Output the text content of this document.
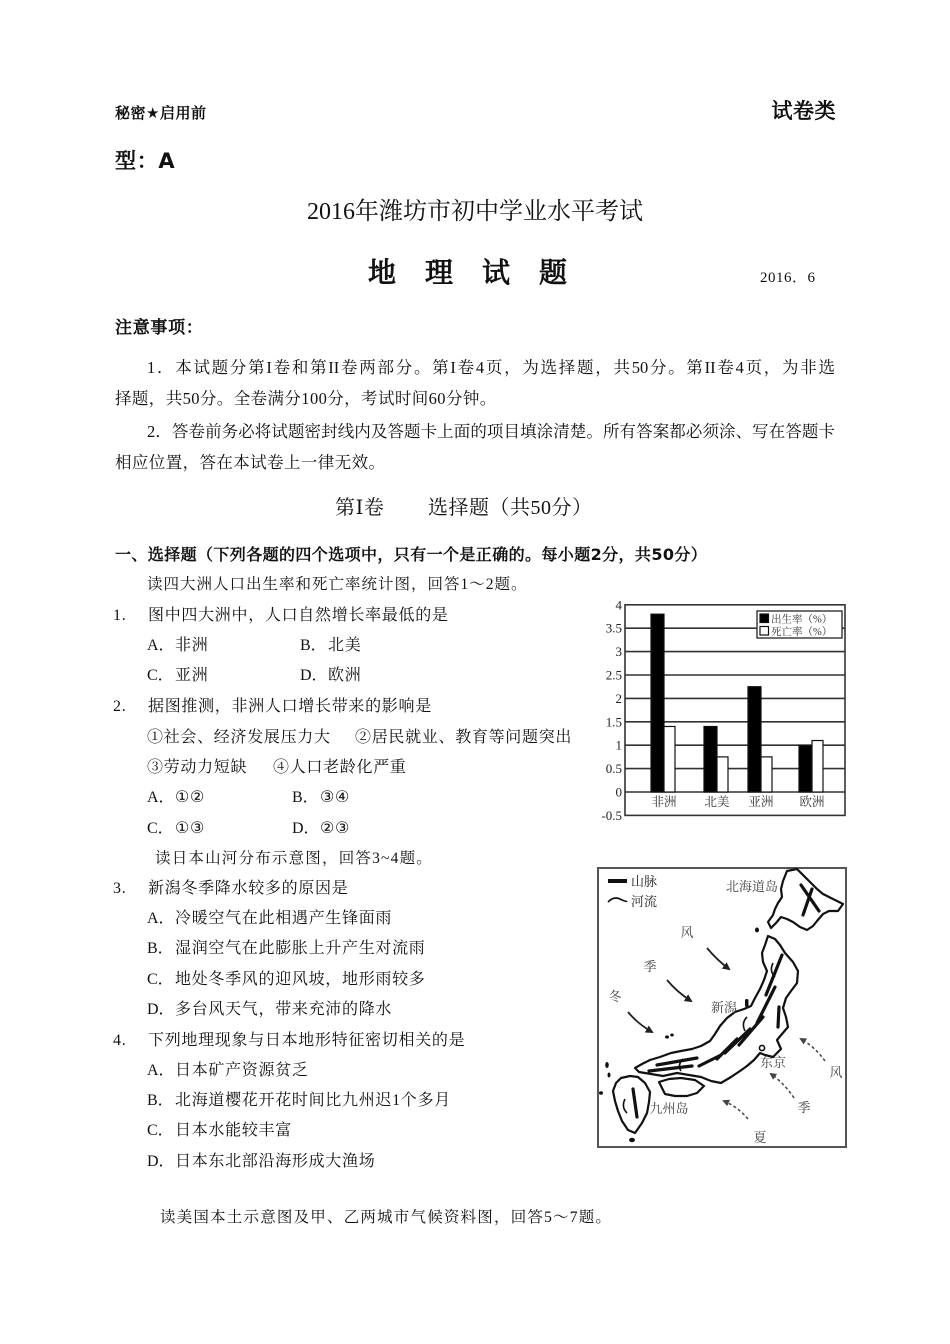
秘密★启用前	试卷类
型：A
2016年潍坊市初中学业水平考试
地 理 试 题	2016．6
注意事项：
1．本试题分第I卷和第II卷两部分。第I卷4页，为选择题，共50分。第II卷4页，为非选
择题，共50分。全卷满分100分，考试时间60分钟。
2．答卷前务必将试题密封线内及答题卡上面的项目填涂清楚。所有答案都必须涂、写在答题卡
相应位置，答在本试卷上一律无效。
第Ⅰ卷 选择题（共50分）
一、选择题（下列各题的四个选项中，只有一个是正确的。每小题2分，共50分）
读四大洲人口出生率和死亡率统计图，回答1～2题。
1. 图中四大洲中，人口自然增长率最低的是
A．非洲	B．北美
C．亚洲	D．欧洲
2. 据图推测，非洲人口增长带来的影响是
①社会、经济发展压力大 ②居民就业、教育等问题突出
③劳动力短缺 ④人口老龄化严重
A．①②	B．③④
C．①③	D．②③
读日本山河分布示意图，回答3~4题。
3. 新潟冬季降水较多的原因是
A．冷暖空气在此相遇产生锋面雨
B．湿润空气在此膨胀上升产生对流雨
C．地处冬季风的迎风坡，地形雨较多
D．多台风天气，带来充沛的降水
4. 下列地理现象与日本地形特征密切相关的是
A．日本矿产资源贫乏
B．北海道樱花开花时间比九州迟1个多月
C．日本水能较丰富
D．日本东北部沿海形成大渔场
读美国本土示意图及甲、乙两城市气候资料图，回答5～7题。
4
3.5
3
2.5
2
1.5
1
0.5
0
-0.5
非洲 北美 亚洲 欧洲
出生率（%）
死亡率（%）
山脉
河流
北海道岛
新潟
东京
九州岛
冬
季
风
夏
季
风
